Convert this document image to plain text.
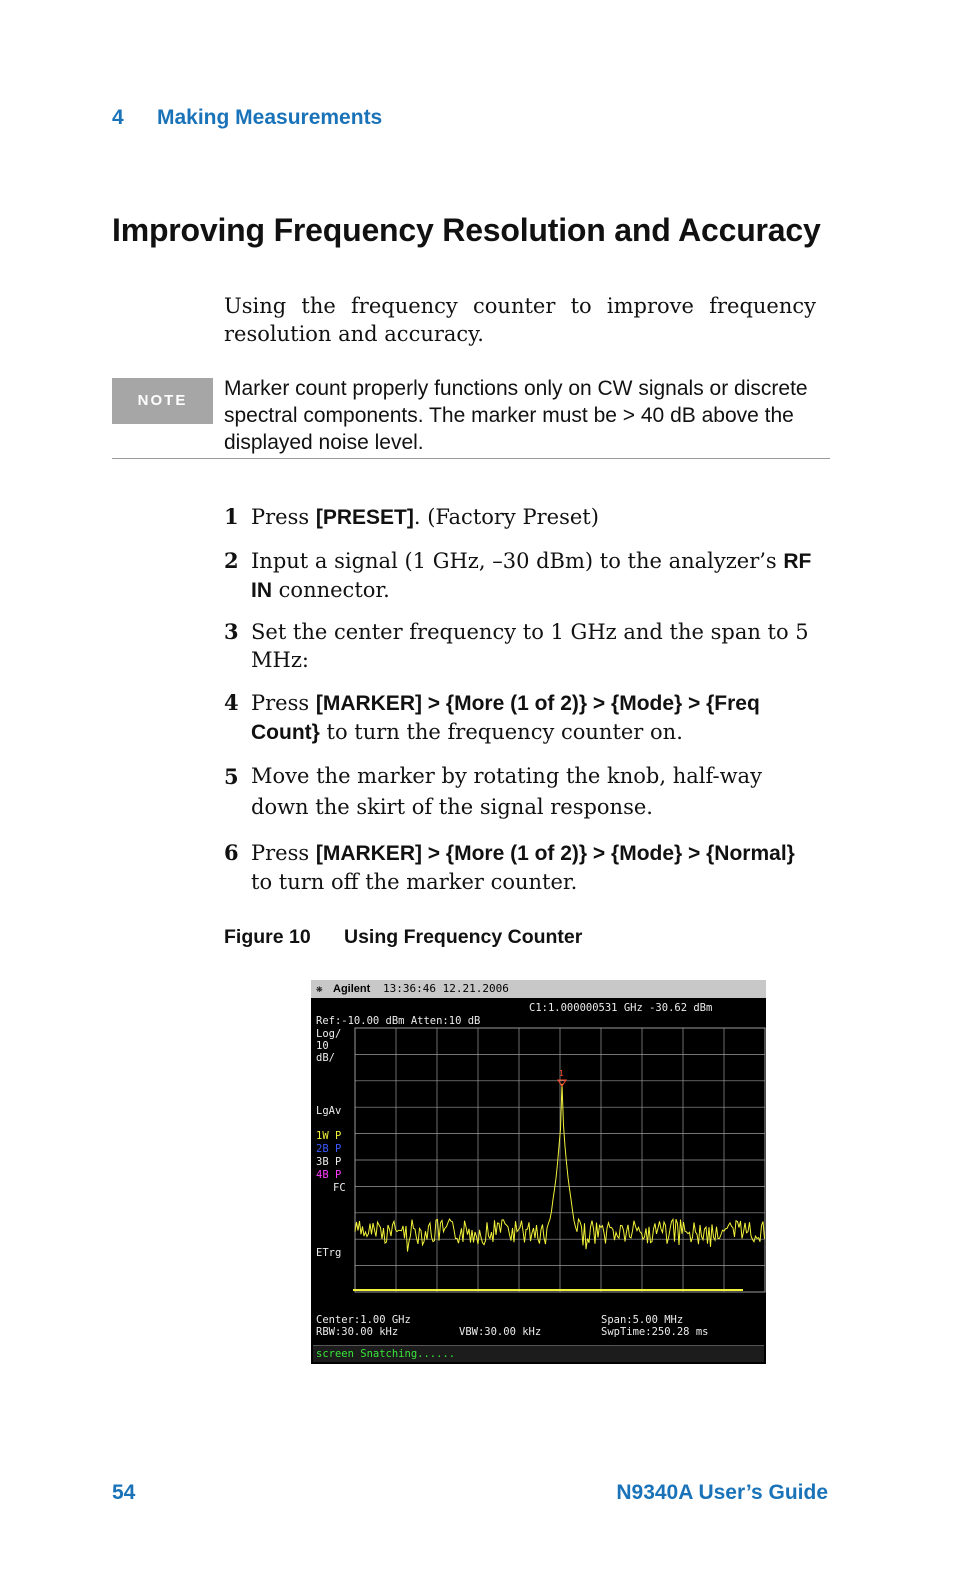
4 Making Measurements
Improving Frequency Resolution and Accuracy
Using the frequency counter to improve frequency resolution and accuracy.
NOTE
Marker count properly functions only on CW signals or discrete spectral components. The marker must be > 40 dB above the displayed noise level.
1 Press [PRESET]. (Factory Preset)
2 Input a signal (1 GHz, –30 dBm) to the analyzer’s RF IN connector.
3 Set the center frequency to 1 GHz and the span to 5 MHz:
4 Press [MARKER] > {More (1 of 2)} > {Mode} > {Freq Count} to turn the frequency counter on.
5 Move the marker by rotating the knob, half-way down the skirt of the signal response.
6 Press [MARKER] > {More (1 of 2)} > {Mode} > {Normal} to turn off the marker counter.
Figure 10 Using Frequency Counter
❋ Agilent 13:36:46 12.21.2006
C1:1.000000531 GHz -30.62 dBm
Ref:-10.00 dBm Atten:10 dB
Log/
10
dB/
LgAv
1W P
2B P
3B P
4B P
FC
ETrg
1
Center:1.00 GHz	Span:5.00 MHz
RBW:30.00 kHz	VBW:30.00 kHz	SwpTime:250.28 ms
screen Snatching......
54	N9340A User’s Guide
